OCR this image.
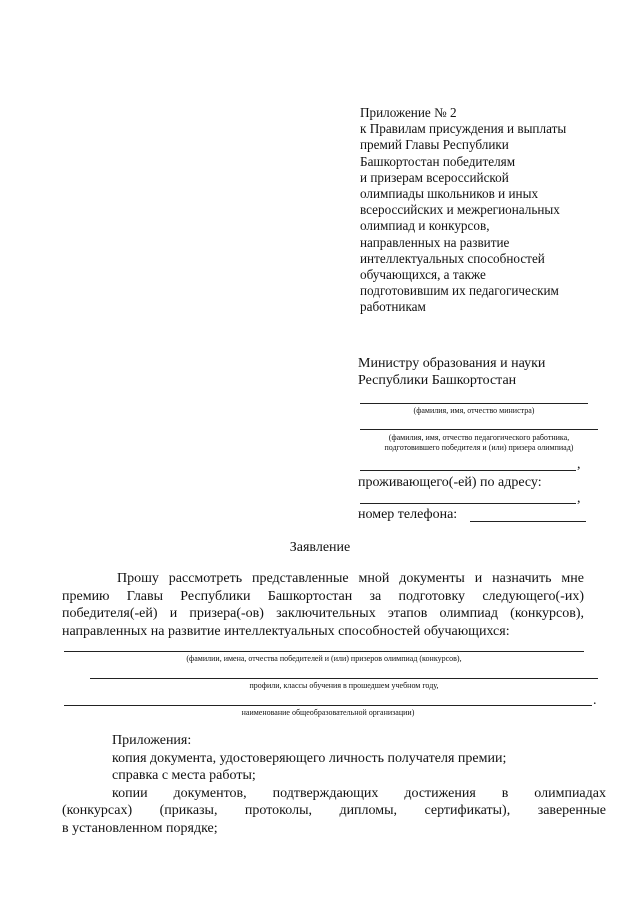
Приложение № 2
к Правилам присуждения и выплаты
премий Главы Республики
Башкортостан победителям
и призерам всероссийской
олимпиады школьников и иных
всероссийских и межрегиональных
олимпиад и конкурсов,
направленных на развитие
интеллектуальных способностей
обучающихся, а также
подготовившим их педагогическим
работникам
Министру образования и науки
Республики Башкортостан
(фамилия, имя, отчество министра)
(фамилия, имя, отчество педагогического работника,
подготовившего победителя и (или) призера олимпиад)
,
проживающего(-ей) по адресу:
,
номер телефона:
Заявление
Прошу рассмотреть представленные мной документы и назначить мне
премию Главы Республики Башкортостан за подготовку следующего(-их)
победителя(-ей) и призера(-ов) заключительных этапов олимпиад (конкурсов),
направленных на развитие интеллектуальных способностей обучающихся:
(фамилии, имена, отчества победителей и (или) призеров олимпиад (конкурсов),
профили, классы обучения в прошедшем учебном году,
.
наименование общеобразовательной организации)
Приложения:
копия документа, удостоверяющего личность получателя премии;
справка с места работы;
копии документов, подтверждающих достижения в олимпиадах
(конкурсах) (приказы, протоколы, дипломы, сертификаты), заверенные
в установленном порядке;
